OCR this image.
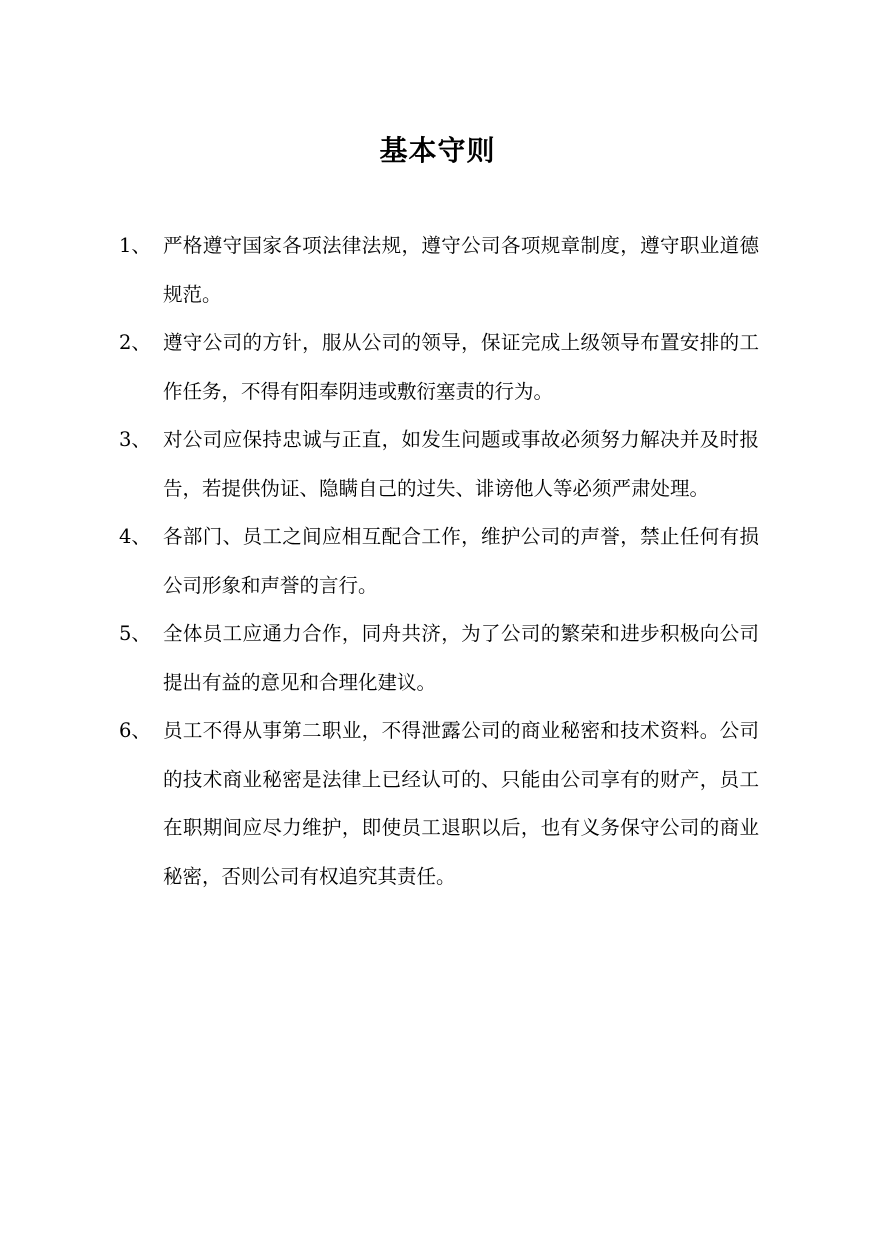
基本守则
1、 严格遵守国家各项法律法规，遵守公司各项规章制度，遵守职业道德规范。
2、 遵守公司的方针，服从公司的领导，保证完成上级领导布置安排的工作任务，不得有阳奉阴违或敷衍塞责的行为。
3、 对公司应保持忠诚与正直，如发生问题或事故必须努力解决并及时报告，若提供伪证、隐瞒自己的过失、诽谤他人等必须严肃处理。
4、 各部门、员工之间应相互配合工作，维护公司的声誉，禁止任何有损公司形象和声誉的言行。
5、 全体员工应通力合作，同舟共济，为了公司的繁荣和进步积极向公司提出有益的意见和合理化建议。
6、 员工不得从事第二职业，不得泄露公司的商业秘密和技术资料。公司的技术商业秘密是法律上已经认可的、只能由公司享有的财产，员工在职期间应尽力维护，即使员工退职以后，也有义务保守公司的商业秘密，否则公司有权追究其责任。
